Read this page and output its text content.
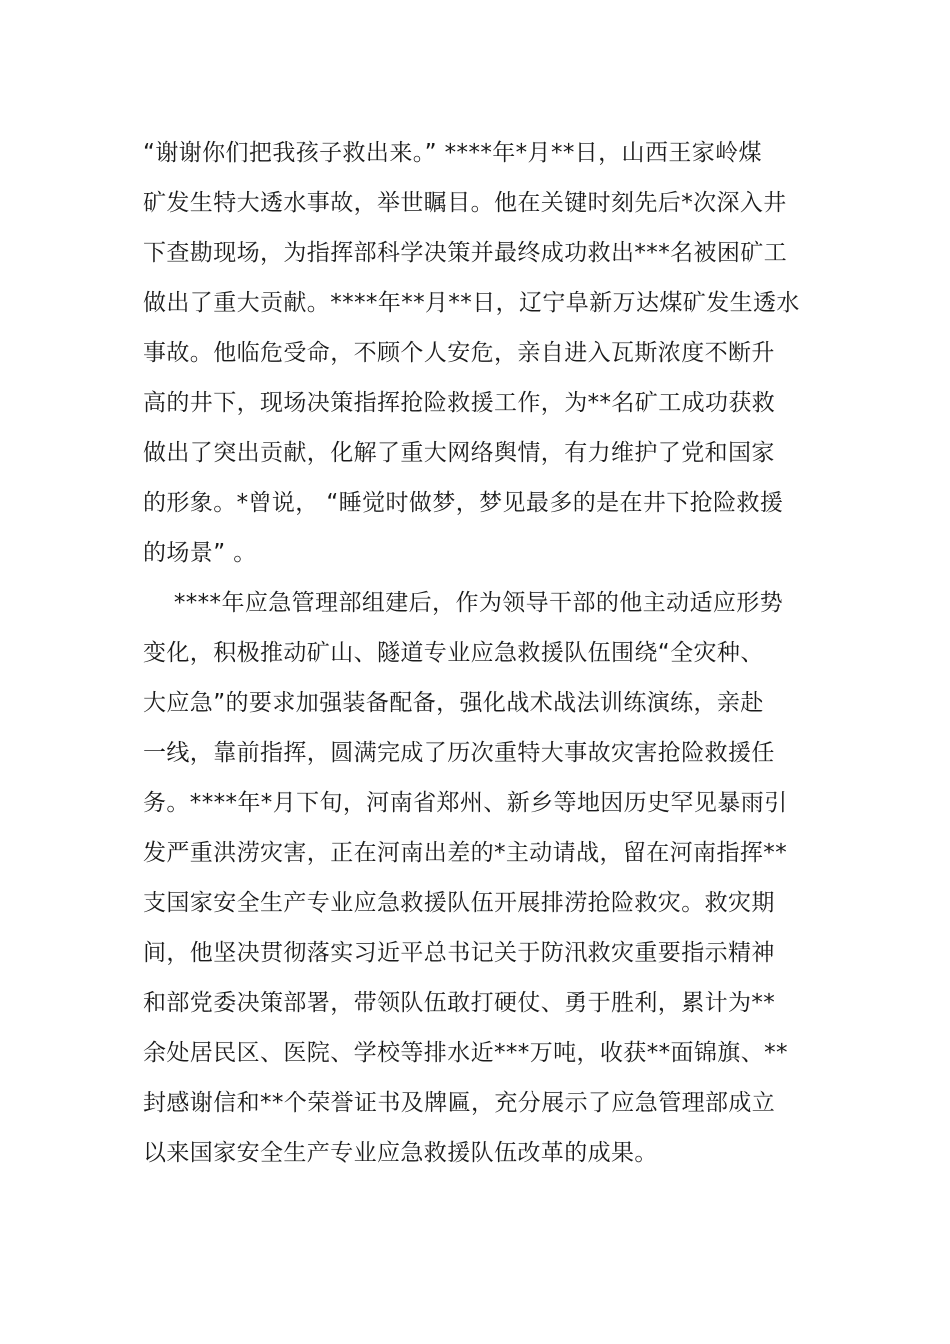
“谢谢你们把我孩子救出来。” ****年*月**日，山西王家岭煤
矿发生特大透水事故，举世瞩目。他在关键时刻先后*次深入井
下查勘现场，为指挥部科学决策并最终成功救出***名被困矿工
做出了重大贡献。****年**月**日，辽宁阜新万达煤矿发生透水
事故。他临危受命，不顾个人安危，亲自进入瓦斯浓度不断升
高的井下，现场决策指挥抢险救援工作，为**名矿工成功获救
做出了突出贡献，化解了重大网络舆情，有力维护了党和国家
的形象。*曾说， “睡觉时做梦，梦见最多的是在井下抢险救援
的场景” 。
****年应急管理部组建后，作为领导干部的他主动适应形势
变化，积极推动矿山、隧道专业应急救援队伍围绕“全灾种、
大应急”的要求加强装备配备，强化战术战法训练演练，亲赴
一线，靠前指挥，圆满完成了历次重特大事故灾害抢险救援任
务。****年*月下旬，河南省郑州、新乡等地因历史罕见暴雨引
发严重洪涝灾害，正在河南出差的*主动请战，留在河南指挥**
支国家安全生产专业应急救援队伍开展排涝抢险救灾。救灾期
间，他坚决贯彻落实习近平总书记关于防汛救灾重要指示精神
和部党委决策部署，带领队伍敢打硬仗、勇于胜利，累计为**
余处居民区、医院、学校等排水近***万吨，收获**面锦旗、**
封感谢信和**个荣誉证书及牌匾，充分展示了应急管理部成立
以来国家安全生产专业应急救援队伍改革的成果。
